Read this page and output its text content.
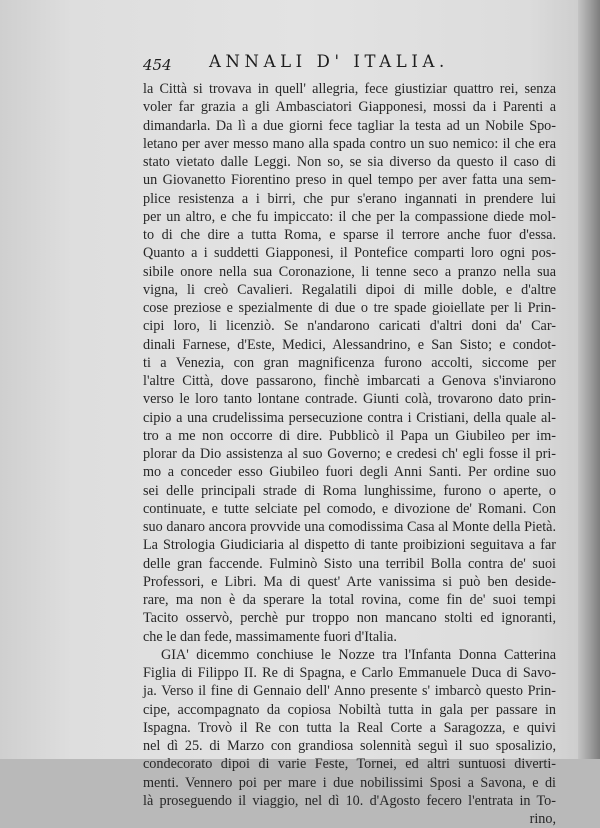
454 ANNALI D' ITALIA.
la Città si trovava in quell' allegria, fece giustiziar quattro rei, senza
voler far grazia a gli Ambasciatori Giapponesi, mossi da i Parenti a
dimandarla. Da lì a due giorni fece tagliar la testa ad un Nobile Spo-
letano per aver messo mano alla spada contro un suo nemico: il che era
stato vietato dalle Leggi. Non so, se sia diverso da questo il caso di
un Giovanetto Fiorentino preso in quel tempo per aver fatta una sem-
plice resistenza a i birri, che pur s'erano ingannati in prendere lui
per un altro, e che fu impiccato: il che per la compassione diede mol-
to di che dire a tutta Roma, e sparse il terrore anche fuor d'essa.
Quanto a i suddetti Giapponesi, il Pontefice comparti loro ogni pos-
sibile onore nella sua Coronazione, li tenne seco a pranzo nella sua
vigna, li creò Cavalieri. Regalatili dipoi di mille doble, e d'altre
cose preziose e spezialmente di due o tre spade gioiellate per li Prin-
cipi loro, li licenziò. Se n'andarono caricati d'altri doni da' Car-
dinali Farnese, d'Este, Medici, Alessandrino, e San Sisto; e condot-
ti a Venezia, con gran magnificenza furono accolti, siccome per
l'altre Città, dove passarono, finchè imbarcati a Genova s'inviarono
verso le loro tanto lontane contrade. Giunti colà, trovarono dato prin-
cipio a una crudelissima persecuzione contra i Cristiani, della quale al-
tro a me non occorre di dire. Pubblicò il Papa un Giubileo per im-
plorar da Dio assistenza al suo Governo; e credesi ch' egli fosse il pri-
mo a conceder esso Giubileo fuori degli Anni Santi. Per ordine suo
sei delle principali strade di Roma lunghissime, furono o aperte, o
continuate, e tutte selciate pel comodo, e divozione de' Romani. Con
suo danaro ancora provvide una comodissima Casa al Monte della Pietà.
La Strologia Giudiciaria al dispetto di tante proibizioni seguitava a far
delle gran faccende. Fulminò Sisto una terribil Bolla contra de' suoi
Professori, e Libri. Ma di quest' Arte vanissima si può ben deside-
rare, ma non è da sperare la total rovina, come fin de' suoi tempi
Tacito osservò, perchè pur troppo non mancano stolti ed ignoranti,
che le dan fede, massimamente fuori d'Italia.
GIA' dicemmo conchiuse le Nozze tra l'Infanta Donna Catterina
Figlia di Filippo II. Re di Spagna, e Carlo Emmanuele Duca di Savo-
ja. Verso il fine di Gennaio dell' Anno presente s' imbarcò questo Prin-
cipe, accompagnato da copiosa Nobiltà tutta in gala per passare in
Ispagna. Trovò il Re con tutta la Real Corte a Saragozza, e quivi
nel dì 25. di Marzo con grandiosa solennità seguì il suo sposalizio,
condecorato dipoi di varie Feste, Tornei, ed altri suntuosi diverti-
menti. Vennero poi per mare i due nobilissimi Sposi a Savona, e di
là proseguendo il viaggio, nel dì 10. d'Agosto fecero l'entrata in To-
rino,
